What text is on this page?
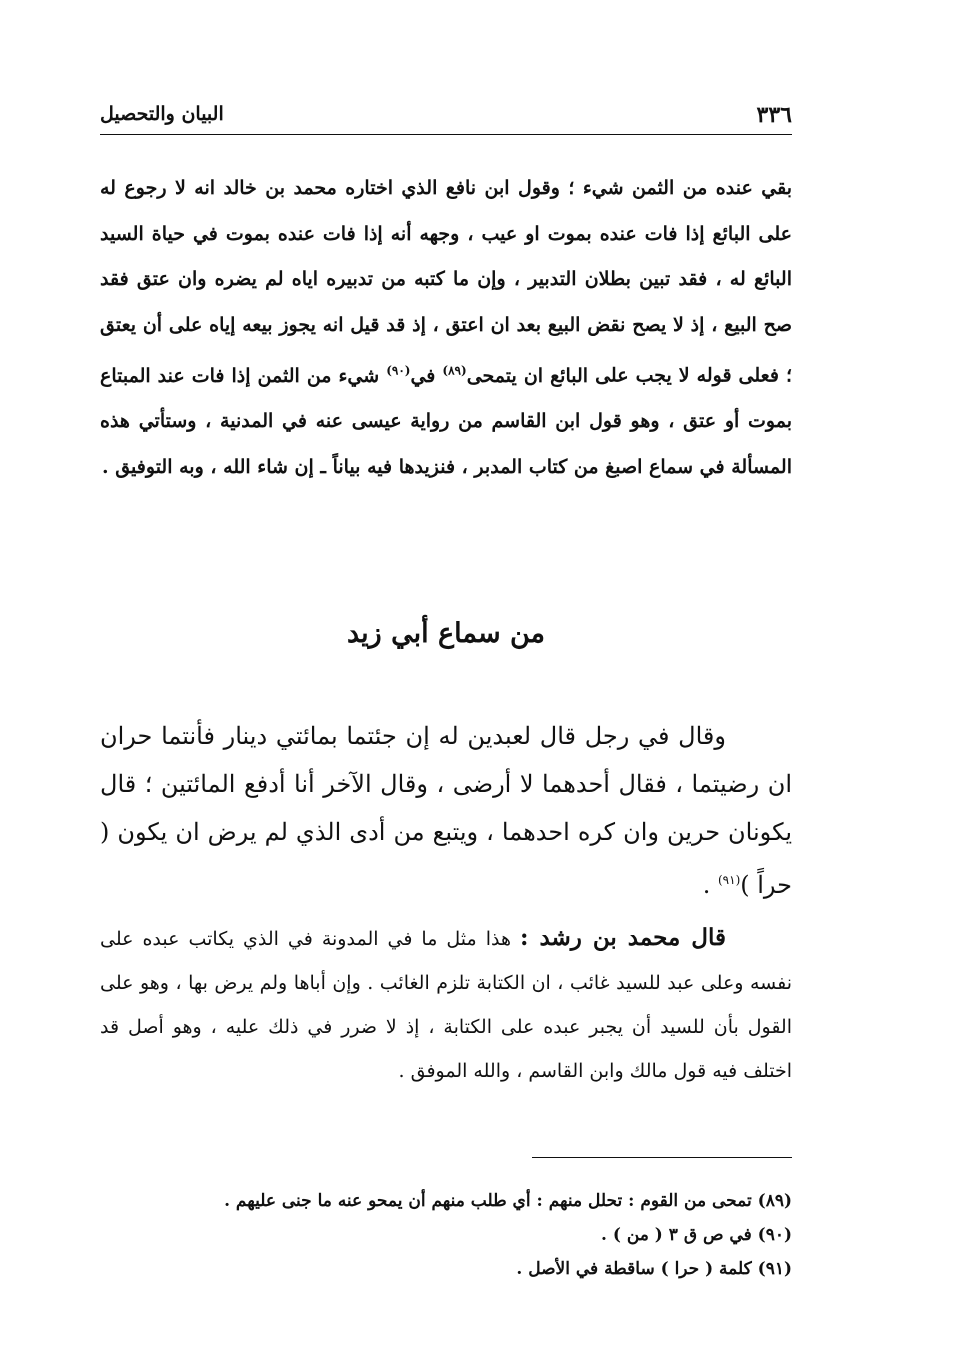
٣٣٦
البيان والتحصيل
بقي عنده من الثمن شيء ؛ وقول ابن نافع الذي اختاره محمد بن خالد انه لا رجوع له على البائع إذا فات عنده بموت او عيب ، وجهه أنه إذا فات عنده بموت في حياة السيد البائع له ، فقد تبين بطلان التدبير ، وإن ما كتبه من تدبيره اياه لم يضره وان عتق فقد صح البيع ، إذ لا يصح نقض البيع بعد ان اعتق ، إذ قد قيل انه يجوز بيعه إياه على أن يعتق ؛ فعلى قوله لا يجب على البائع ان يتمحى$^{(٨٩)}$ في$^{(٩٠)}$ شيء من الثمن إذا فات عند المبتاع بموت أو عتق ، وهو قول ابن القاسم من رواية عيسى عنه في المدنية ، وستأتي هذه المسألة في سماع اصبغ من كتاب المدبر ، فنزيدها فيه بياناً ـ إن شاء الله ، وبه التوفيق .
من سماع أبي زيد
وقال في رجل قال لعبدين له إن جئتما بمائتي دينار فأنتما حران ان رضيتما ، فقال أحدهما لا أرضى ، وقال الآخر أنا أدفع المائتين ؛ قال يكونان حرين وان كره احدهما ، ويتبع من أدى الذي لم يرض ان يكون ( حراً )$^{(٩١)}$ .
قال محمد بن رشد : هذا مثل ما في المدونة في الذي يكاتب عبده على نفسه وعلى عبد للسيد غائب ، ان الكتابة تلزم الغائب . وإن أباها ولم يرض بها ، وهو على القول بأن للسيد أن يجبر عبده على الكتابة ، إذ لا ضرر في ذلك عليه ، وهو أصل قد اختلف فيه قول مالك وابن القاسم ، والله الموفق .
(٨٩) تمحى من القوم : تحلل منهم : أي طلب منهم أن يمحو عنه ما جنى عليهم .
(٩٠) في ص ق ٣ ( من ) .
(٩١) كلمة ( حرا ) ساقطة في الأصل .
